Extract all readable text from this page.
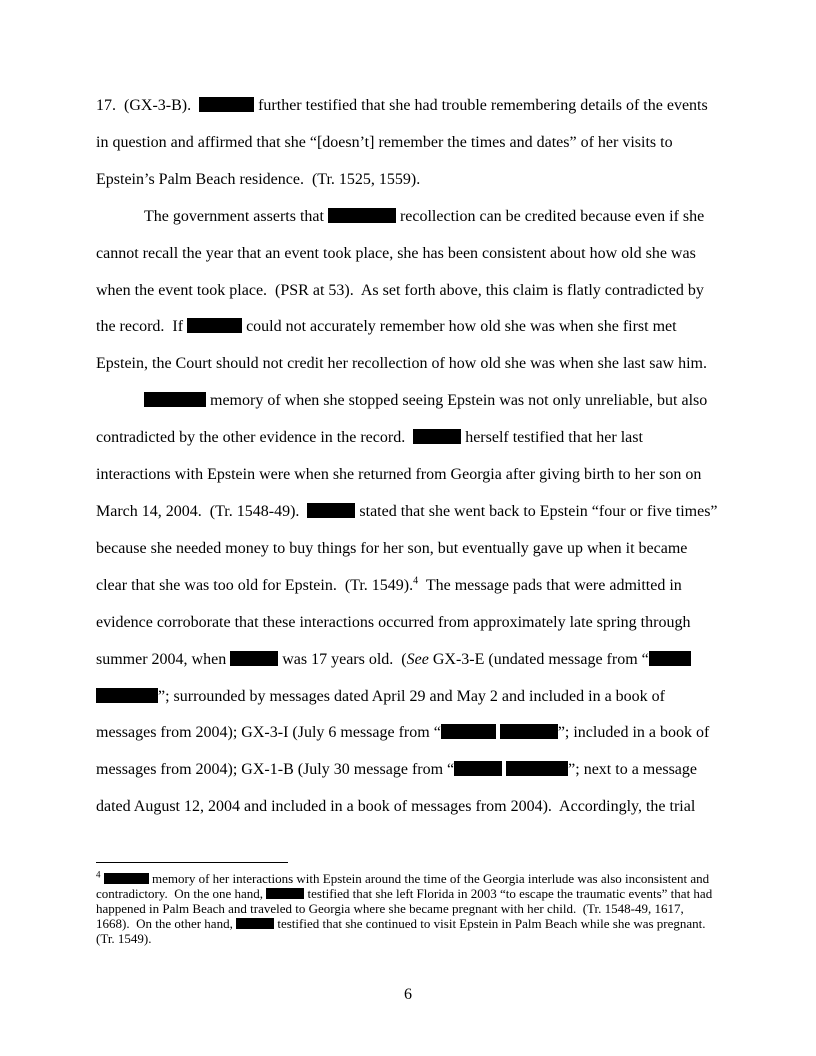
17.  (GX-3-B).	further testified that she had trouble remembering details of the events in question and affirmed that she “[doesn’t] remember the times and dates” of her visits to Epstein’s Palm Beach residence.  (Tr. 1525, 1559).

The government asserts that	recollection can be credited because even if she cannot recall the year that an event took place, she has been consistent about how old she was when the event took place.  (PSR at 53).  As set forth above, this claim is flatly contradicted by the record.  If	could not accurately remember how old she was when she first met Epstein, the Court should not credit her recollection of how old she was when she last saw him.

memory of when she stopped seeing Epstein was not only unreliable, but also contradicted by the other evidence in the record.	herself testified that her last interactions with Epstein were when she returned from Georgia after giving birth to her son on March 14, 2004.  (Tr. 1548-49).	stated that she went back to Epstein “four or five times” because she needed money to buy things for her son, but eventually gave up when it became clear that she was too old for Epstein.  (Tr. 1549).$^4$  The message pads that were admitted in evidence corroborate that these interactions occurred from approximately late spring through summer 2004, when	was 17 years old.  (See GX-3-E (undated message from “ ”; surrounded by messages dated April 29 and May 2 and included in a book of messages from 2004); GX-3-I (July 6 message from “	”; included in a book of messages from 2004); GX-1-B (July 30 message from “	”; next to a message dated August 12, 2004 and included in a book of messages from 2004).  Accordingly, the trial

$^4$	memory of her interactions with Epstein around the time of the Georgia interlude was also inconsistent and contradictory.  On the one hand,	testified that she left Florida in 2003 “to escape the traumatic events” that had happened in Palm Beach and traveled to Georgia where she became pregnant with her child.  (Tr. 1548-49, 1617, 1668).  On the other hand,	testified that she continued to visit Epstein in Palm Beach while she was pregnant.  (Tr. 1549).
6
